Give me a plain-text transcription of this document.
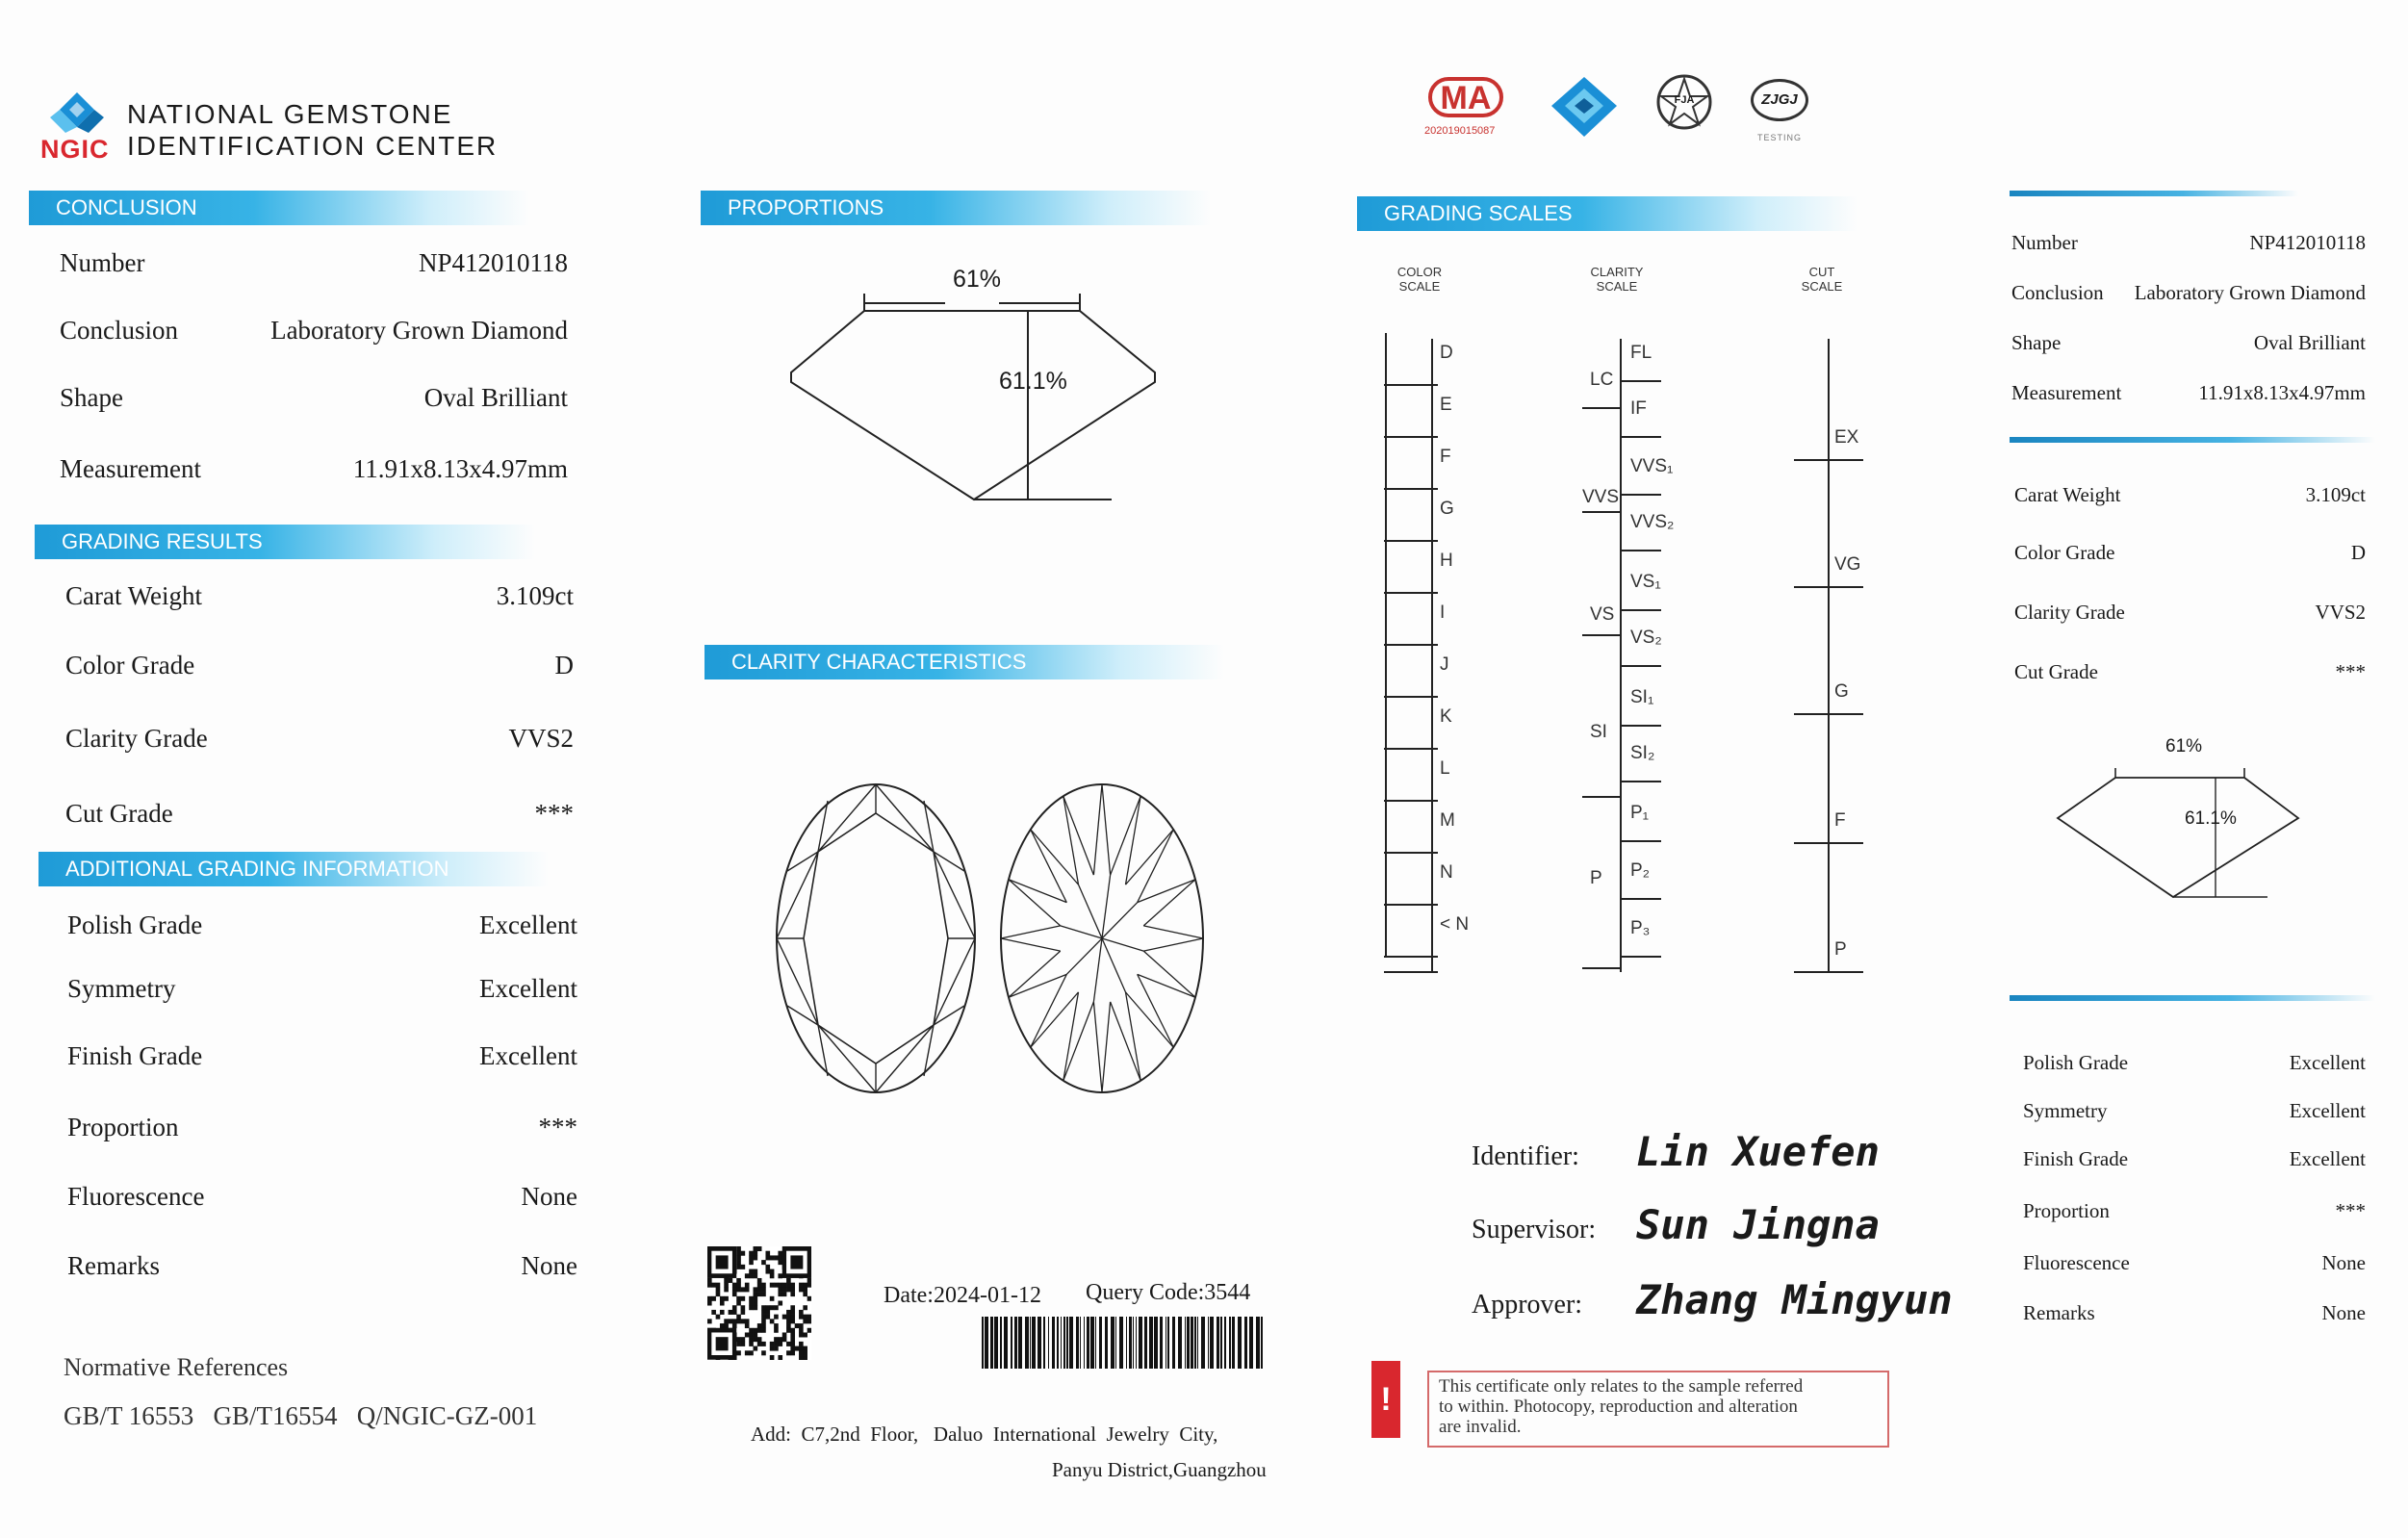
NGIC
NATIONAL GEMSTONE
IDENTIFICATION CENTER
CONCLUSION
Number	NP412010118
Conclusion	Laboratory Grown Diamond
Shape	Oval Brilliant
Measurement	11.91x8.13x4.97mm
GRADING RESULTS
Carat Weight	3.109ct
Color Grade	D
Clarity Grade	VVS2
Cut Grade	***
ADDITIONAL GRADING INFORMATION
Polish Grade	Excellent
Symmetry	Excellent
Finish Grade	Excellent
Proportion	***
Fluorescence	None
Remarks	None
Normative References
GB/T 16553   GB/T16554   Q/NGIC-GZ-001
PROPORTIONS
61%
61.1%
CLARITY CHARACTERISTICS
Date:2024-01-12 Query Code:3544
Add:  C7,2nd  Floor,   Daluo  International  Jewelry  City,
Panyu District,Guangzhou
MA
202019015087
FJA	ZJGJ
TESTING
GRADING SCALES
COLOR
SCALE
CLARITY
SCALE
CUT
SCALE
D
E
F
G
H
I
J
K
L
M
N
< N
FL
IF
VVS₁
VVS₂
VS₁
VS₂
SI₁
SI₂
P₁
P₂
P₃
LC
VVS
VS
SI
P
EX
VG
G
F
P
Identifier: Lin Xuefen
Supervisor: Sun Jingna
Approver: Zhang Mingyun
!	This certificate only relates to the sample referred
to within. Photocopy, reproduction and alteration
are invalid.
Number	NP412010118
Conclusion Laboratory Grown Diamond
Shape	Oval Brilliant
Measurement	11.91x8.13x4.97mm
Carat Weight	3.109ct
Color Grade	D
Clarity Grade	VVS2
Cut Grade	***
61%
61.1%
Polish Grade	Excellent
Symmetry	Excellent
Finish Grade	Excellent
Proportion	***
Fluorescence	None
Remarks	None
